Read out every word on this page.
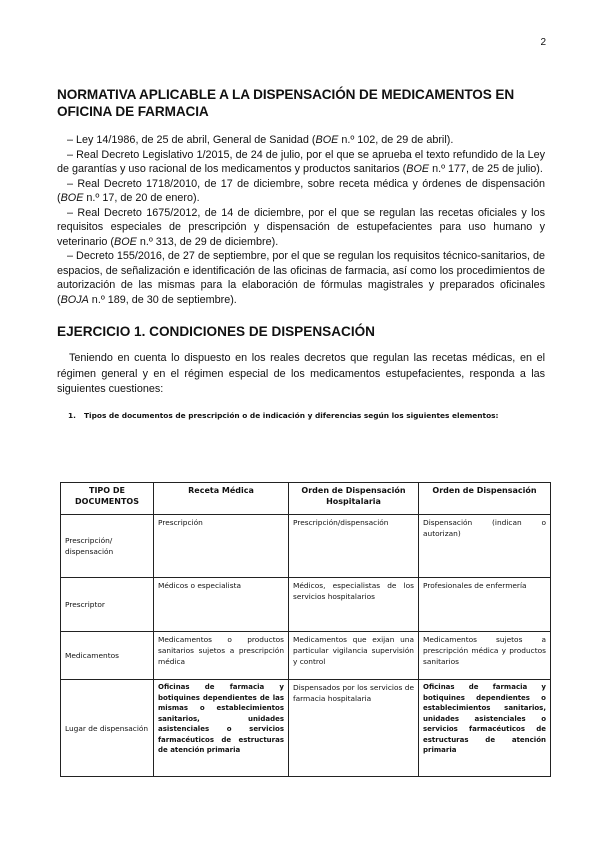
2
NORMATIVA APLICABLE A LA DISPENSACIÓN DE MEDICAMENTOS EN OFICINA DE FARMACIA

– Ley 14/1986, de 25 de abril, General de Sanidad (BOE n.º 102, de 29 de abril).

– Real Decreto Legislativo 1/2015, de 24 de julio, por el que se aprueba el texto refundido de la Ley de garantías y uso racional de los medicamentos y productos sanitarios (BOE n.º 177, de 25 de julio).

– Real Decreto 1718/2010, de 17 de diciembre, sobre receta médica y órdenes de dispensación (BOE n.º 17, de 20 de enero).

– Real Decreto 1675/2012, de 14 de diciembre, por el que se regulan las recetas oficiales y los requisitos especiales de prescripción y dispensación de estupefacientes para uso humano y veterinario (BOE n.º 313, de 29 de diciembre).

– Decreto 155/2016, de 27 de septiembre, por el que se regulan los requisitos técnico-sanitarios, de espacios, de señalización e identificación de las oficinas de farmacia, así como los procedimientos de autorización de las mismas para la elaboración de fórmulas magistrales y preparados oficinales (BOJA n.º 189, de 30 de septiembre).

EJERCICIO 1. CONDICIONES DE DISPENSACIÓN
Teniendo en cuenta lo dispuesto en los reales decretos que regulan las recetas médicas, en el régimen general y en el régimen especial de los medicamentos estupefacientes, responda a las siguientes cuestiones:
1. Tipos de documentos de prescripción o de indicación y diferencias según los siguientes elementos:
TIPO DE DOCUMENTOS	Receta Médica	Orden de Dispensación Hospitalaria	Orden de Dispensación
Prescripción/ dispensación	Prescripción	Prescripción/dispensación	Dispensación (indican o autorizan)
Prescriptor	Médicos o especialista	Médicos, especialistas de los servicios hospitalarios	Profesionales de enfermería
Medicamentos	Medicamentos o productos sanitarios sujetos a prescripción médica	Medicamentos que exijan una particular vigilancia supervisión y control	Medicamentos sujetos a prescripción médica y productos sanitarios
Lugar de dispensación	Oficinas de farmacia y botiquines dependientes de las mismas o establecimientos sanitarios, unidades asistenciales o servicios farmacéuticos de estructuras de atención primaria	Dispensados por los servicios de farmacia hospitalaria	Oficinas de farmacia y botiquines dependientes o establecimientos sanitarios, unidades asistenciales o servicios farmacéuticos de estructuras de atención primaria
